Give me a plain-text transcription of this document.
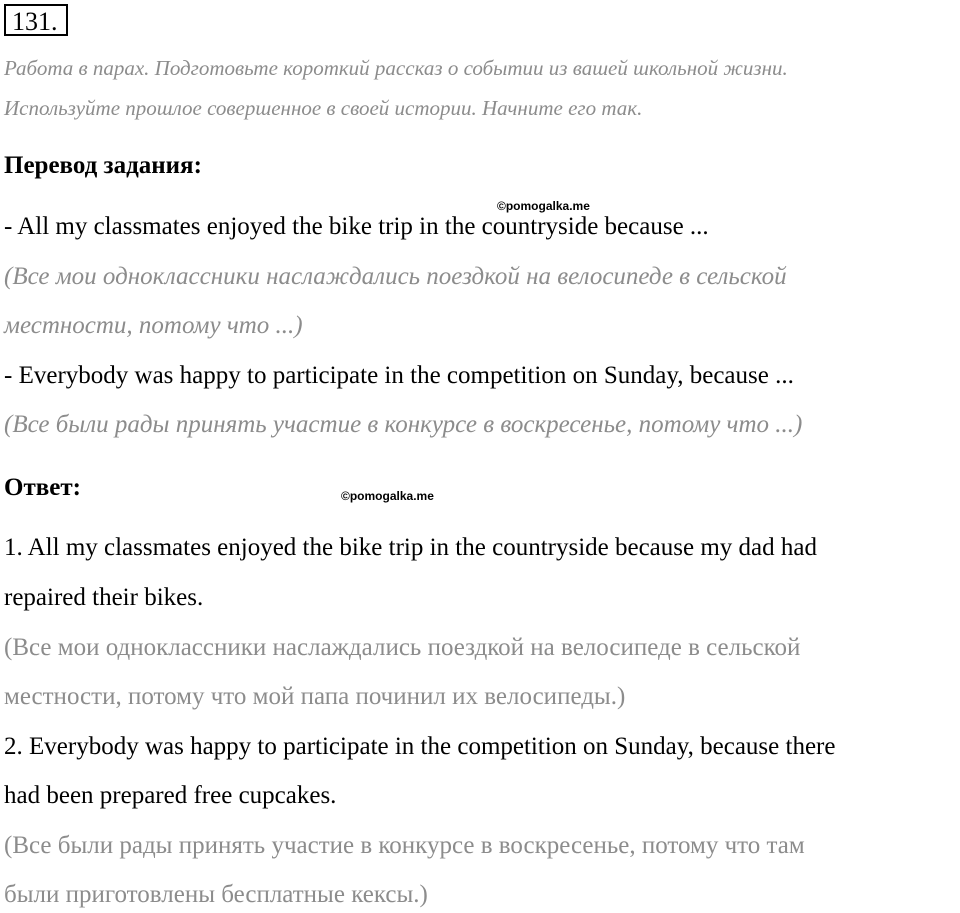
131.
Работа в парах. Подготовьте короткий рассказ о событии из вашей школьной жизни.
Используйте прошлое совершенное в своей истории. Начните его так.
Перевод задания:
©pomogalka.me
- All my classmates enjoyed the bike trip in the countryside because ...
(Все мои одноклассники наслаждались поездкой на велосипеде в сельской
местности, потому что ...)
- Everybody was happy to participate in the competition on Sunday, because ...
(Все были рады принять участие в конкурсе в воскресенье, потому что ...)
Ответ:	©pomogalka.me
1. All my classmates enjoyed the bike trip in the countryside because my dad had
repaired their bikes.
(Все мои одноклассники наслаждались поездкой на велосипеде в сельской
местности, потому что мой папа починил их велосипеды.)
2. Everybody was happy to participate in the competition on Sunday, because there
had been prepared free cupcakes.
(Все были рады принять участие в конкурсе в воскресенье, потому что там
были приготовлены бесплатные кексы.)
